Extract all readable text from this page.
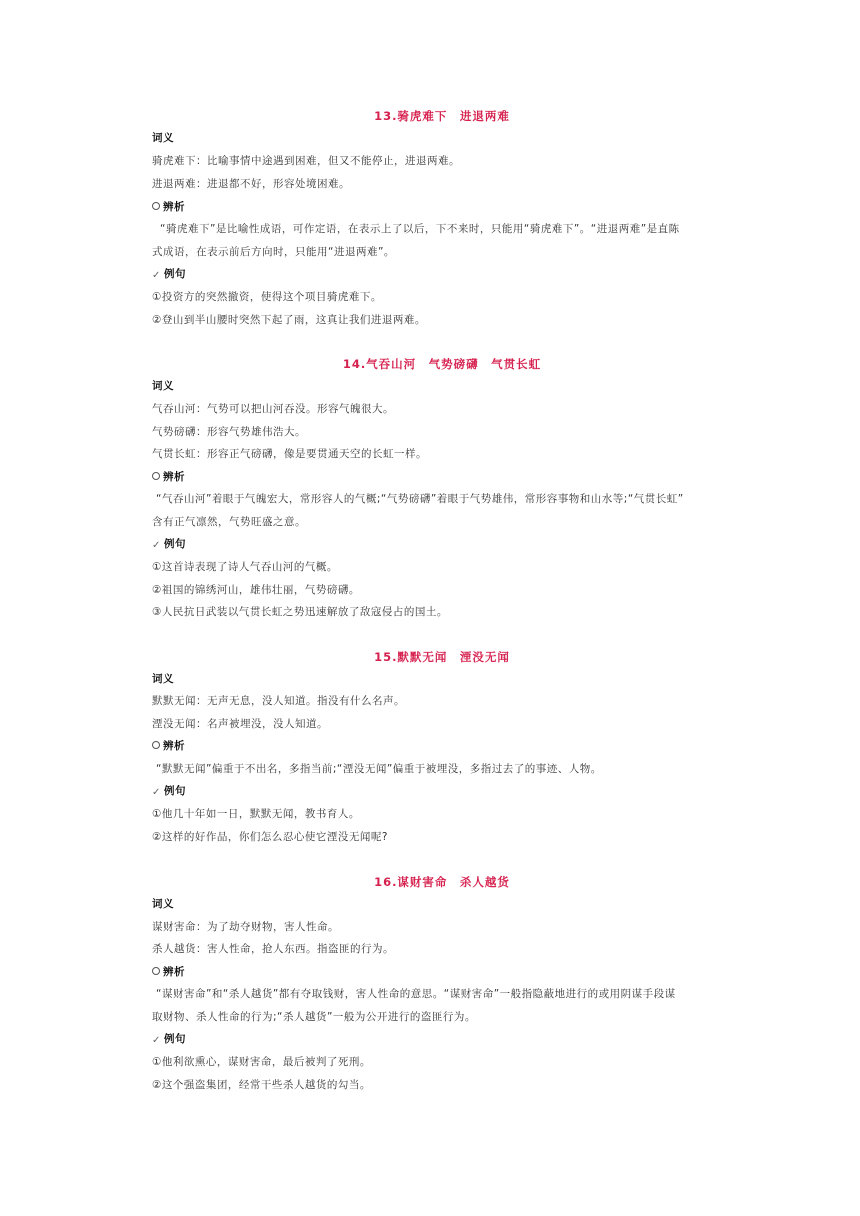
13.骑虎难下　进退两难
词义
骑虎难下：比喻事情中途遇到困难，但又不能停止，进退两难。
进退两难：进退都不好，形容处境困难。
辨析
“骑虎难下”是比喻性成语，可作定语，在表示上了以后，下不来时，只能用“骑虎难下”。“进退两难”是直陈
式成语，在表示前后方向时，只能用“进退两难”。
✓ 例句
①投资方的突然撤资，使得这个项目骑虎难下。
②登山到半山腰时突然下起了雨，这真让我们进退两难。
14.气吞山河　气势磅礴　气贯长虹
词义
气吞山河：气势可以把山河吞没。形容气魄很大。
气势磅礴：形容气势雄伟浩大。
气贯长虹：形容正气磅礴，像是要贯通天空的长虹一样。
辨析
“气吞山河”着眼于气魄宏大，常形容人的气概;“气势磅礴”着眼于气势雄伟，常形容事物和山水等;“气贯长虹”
含有正气凛然，气势旺盛之意。
✓ 例句
①这首诗表现了诗人气吞山河的气概。
②祖国的锦绣河山，雄伟壮丽，气势磅礴。
③人民抗日武装以气贯长虹之势迅速解放了敌寇侵占的国土。
15.默默无闻　湮没无闻
词义
默默无闻：无声无息，没人知道。指没有什么名声。
湮没无闻：名声被埋没，没人知道。
辨析
“默默无闻”偏重于不出名，多指当前;“湮没无闻”偏重于被埋没，多指过去了的事迹、人物。
✓ 例句
①他几十年如一日，默默无闻，教书育人。
②这样的好作品，你们怎么忍心使它湮没无闻呢?
16.谋财害命　杀人越货
词义
谋财害命：为了劫夺财物，害人性命。
杀人越货：害人性命，抢人东西。指盗匪的行为。
辨析
“谋财害命”和“杀人越货”都有夺取钱财，害人性命的意思。“谋财害命”一般指隐蔽地进行的或用阴谋手段谋
取财物、杀人性命的行为;“杀人越货”一般为公开进行的盗匪行为。
✓ 例句
①他利欲熏心，谋财害命，最后被判了死刑。
②这个强盗集团，经常干些杀人越货的勾当。
